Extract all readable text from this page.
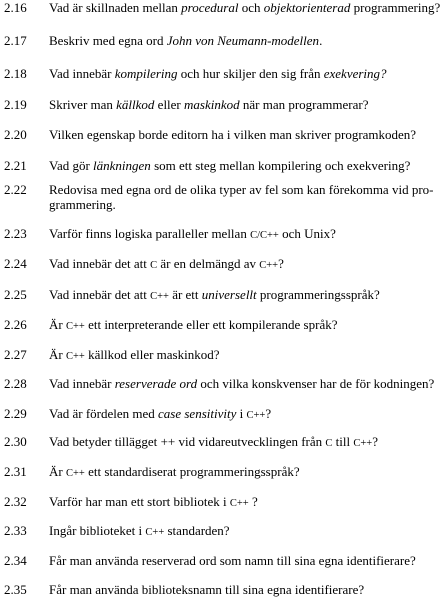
2.16	Vad är skillnaden mellan procedural och objektorienterad programmering?
2.17	Beskriv med egna ord John von Neumann-modellen.
2.18	Vad innebär kompilering och hur skiljer den sig från exekvering?
2.19	Skriver man källkod eller maskinkod när man programmerar?
2.20	Vilken egenskap borde editorn ha i vilken man skriver programkoden?
2.21	Vad gör länkningen som ett steg mellan kompilering och exekvering?
2.22	Redovisa med egna ord de olika typer av fel som kan förekomma vid pro- grammering.
2.23	Varför finns logiska paralleller mellan C/C++ och Unix?
2.24	Vad innebär det att C är en delmängd av C++?
2.25	Vad innebär det att C++ är ett universellt programmeringsspråk?
2.26	Är C++ ett interpreterande eller ett kompilerande språk?
2.27	Är C++ källkod eller maskinkod?
2.28	Vad innebär reserverade ord och vilka konskvenser har de för kodningen?
2.29	Vad är fördelen med case sensitivity i C++?
2.30	Vad betyder tillägget ++ vid vidareutvecklingen från C till C++?
2.31	Är C++ ett standardiserat programmeringsspråk?
2.32	Varför har man ett stort bibliotek i C++ ?
2.33	Ingår biblioteket i C++ standarden?
2.34	Får man använda reserverad ord som namn till sina egna identifierare?
2.35	Får man använda biblioteksnamn till sina egna identifierare?
